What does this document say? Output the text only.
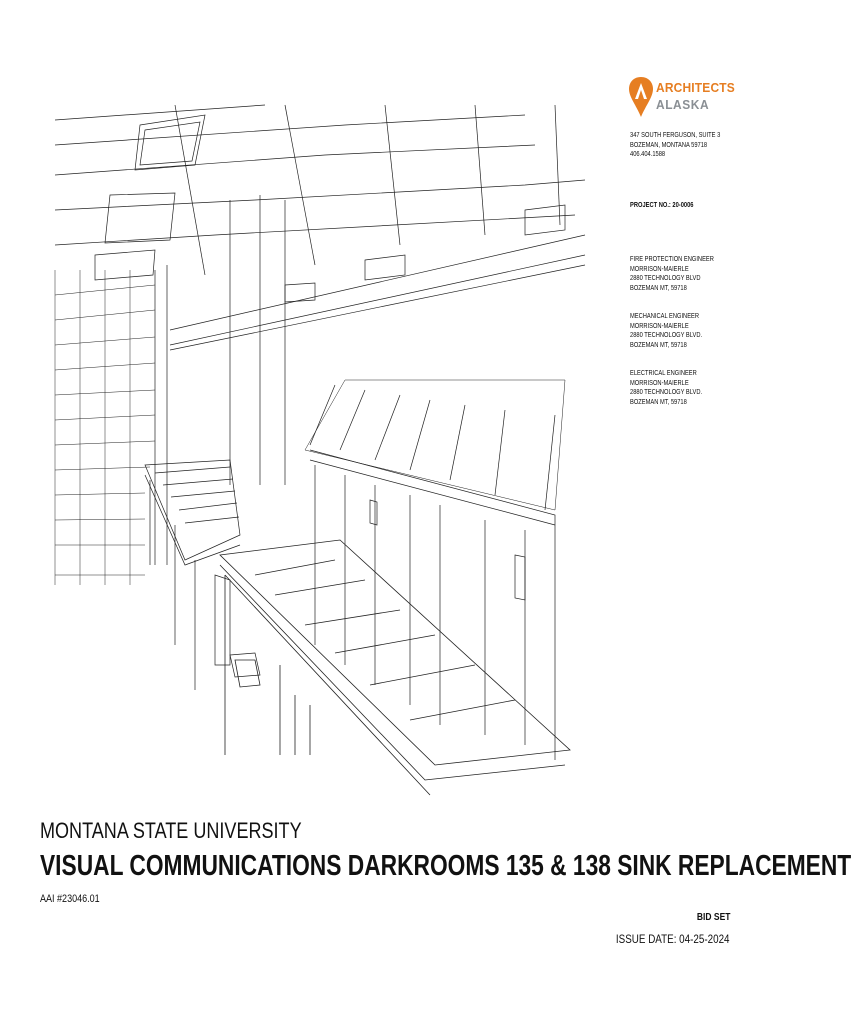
ARCHITECTS
ALASKA
347 SOUTH FERGUSON, SUITE 3
BOZEMAN, MONTANA 59718
406.404.1588
PROJECT NO.: 20-0006
FIRE PROTECTION ENGINEER
MORRISON-MAIERLE
2880 TECHNOLOGY BLVD
BOZEMAN MT, 59718
MECHANICAL ENGINEER
MORRISON-MAIERLE
2880 TECHNOLOGY BLVD.
BOZEMAN MT, 59718
ELECTRICAL ENGINEER
MORRISON-MAIERLE
2880 TECHNOLOGY BLVD.
BOZEMAN MT, 59718
MONTANA STATE UNIVERSITY
VISUAL COMMUNICATIONS DARKROOMS 135 & 138 SINK REPLACEMENT
AAI #23046.01
BID SET
ISSUE DATE: 04-25-2024
